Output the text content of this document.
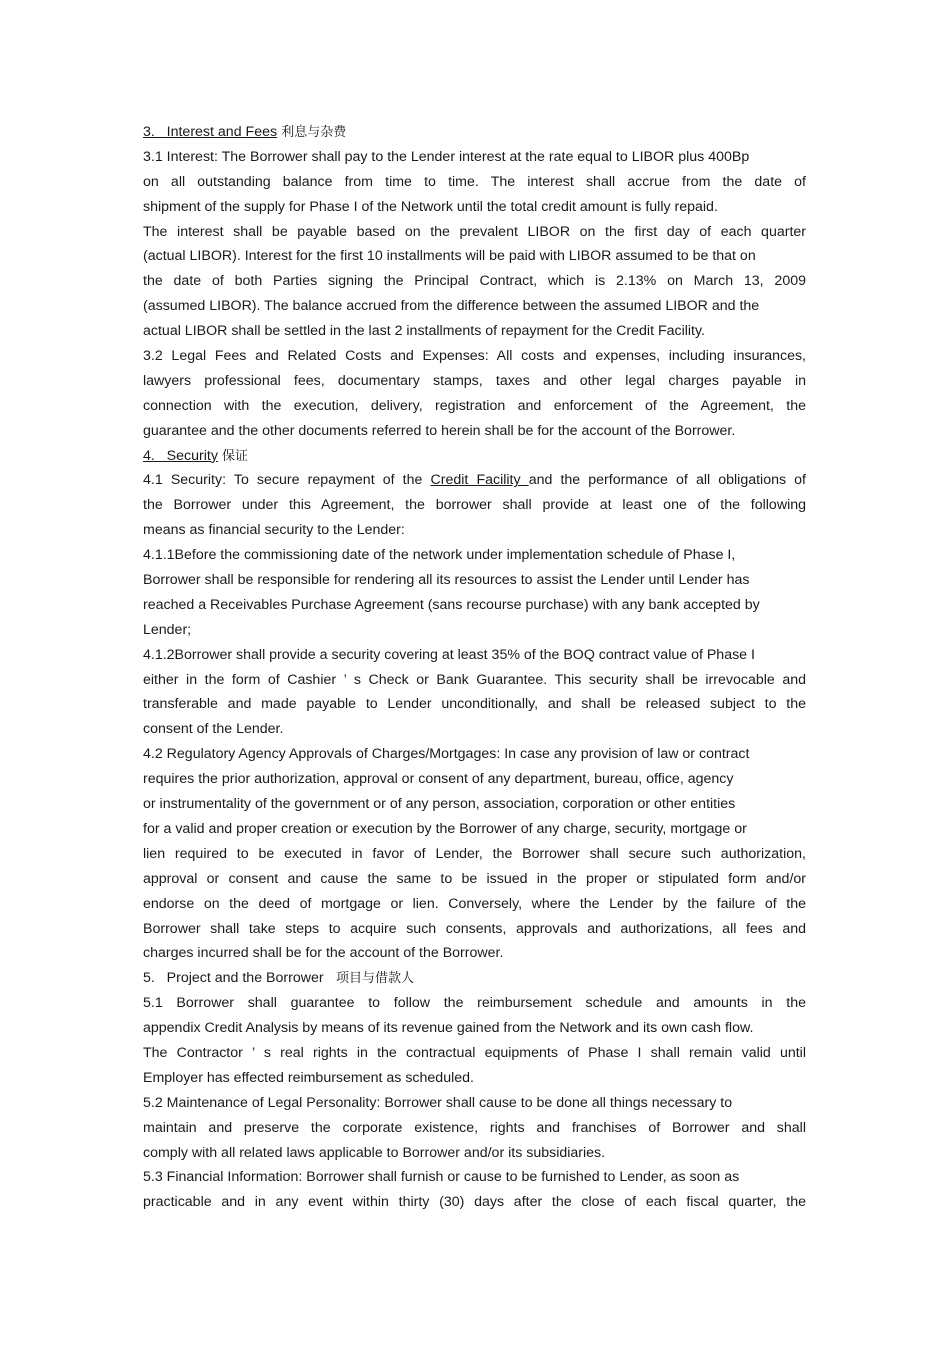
3.   Interest and Fees 利息与杂费
3.1 Interest: The Borrower shall pay to the Lender interest at the rate equal to LIBOR plus 400Bp
on all outstanding balance from time to time. The interest shall accrue from the date of
shipment of the supply for Phase I of the Network until the total credit amount is fully repaid.
The interest shall be payable based on the prevalent LIBOR on the first day of each quarter
(actual LIBOR). Interest for the first 10 installments will be paid with LIBOR assumed to be that on
the date of both Parties signing the Principal Contract, which is 2.13% on March 13, 2009
(assumed LIBOR). The balance accrued from the difference between the assumed LIBOR and the
actual LIBOR shall be settled in the last 2 installments of repayment for the Credit Facility.
3.2 Legal Fees and Related Costs and Expenses: All costs and expenses, including insurances,
lawyers professional fees, documentary stamps, taxes and other legal charges payable in
connection with the execution, delivery, registration and enforcement of the Agreement, the
guarantee and the other documents referred to herein shall be for the account of the Borrower.
4.   Security 保证
4.1 Security: To secure repayment of the Credit Facility and the performance of all obligations of
the Borrower under this Agreement, the borrower shall provide at least one of the following
means as financial security to the Lender:
4.1.1Before the commissioning date of the network under implementation schedule of Phase I,
Borrower shall be responsible for rendering all its resources to assist the Lender until Lender has
reached a Receivables Purchase Agreement (sans recourse purchase) with any bank accepted by
Lender;
4.1.2Borrower shall provide a security covering at least 35% of the BOQ contract value of Phase I
either in the form of Cashier ’ s Check or Bank Guarantee. This security shall be irrevocable and
transferable and made payable to Lender unconditionally, and shall be released subject to the
consent of the Lender.
4.2 Regulatory Agency Approvals of Charges/Mortgages: In case any provision of law or contract
requires the prior authorization, approval or consent of any department, bureau, office, agency
or instrumentality of the government or of any person, association, corporation or other entities
for a valid and proper creation or execution by the Borrower of any charge, security, mortgage or
lien required to be executed in favor of Lender, the Borrower shall secure such authorization,
approval or consent and cause the same to be issued in the proper or stipulated form and/or
endorse on the deed of mortgage or lien. Conversely, where the Lender by the failure of the
Borrower shall take steps to acquire such consents, approvals and authorizations, all fees and
charges incurred shall be for the account of the Borrower.
5.   Project and the Borrower   项目与借款人
5.1 Borrower shall guarantee to follow the reimbursement schedule and amounts in the
appendix Credit Analysis by means of its revenue gained from the Network and its own cash flow.
The Contractor ’ s real rights in the contractual equipments of Phase I shall remain valid until
Employer has effected reimbursement as scheduled.
5.2 Maintenance of Legal Personality: Borrower shall cause to be done all things necessary to
maintain and preserve the corporate existence, rights and franchises of Borrower and shall
comply with all related laws applicable to Borrower and/or its subsidiaries.
5.3 Financial Information: Borrower shall furnish or cause to be furnished to Lender, as soon as
practicable and in any event within thirty (30) days after the close of each fiscal quarter, the
